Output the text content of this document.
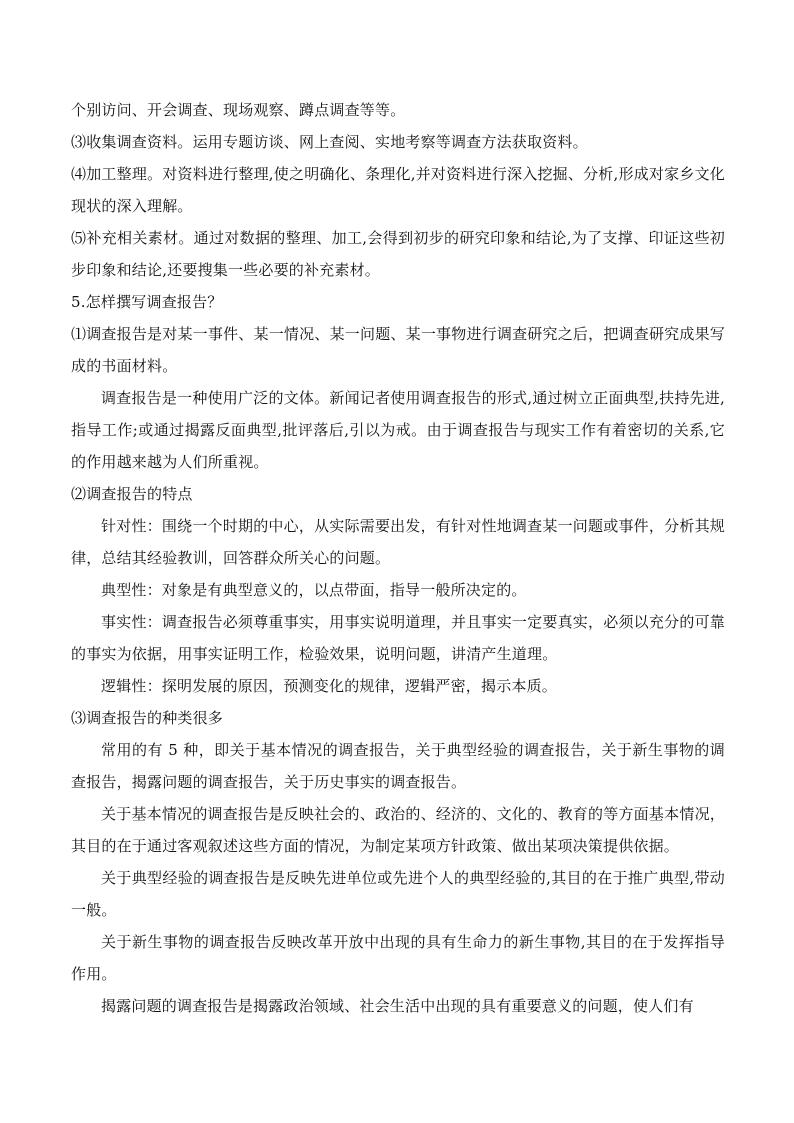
个别访问、开会调查、现场观察、蹲点调查等等。

⑶收集调查资料。运用专题访谈、网上查阅、实地考察等调查方法获取资料。

⑷加工整理。对资料进行整理,使之明确化、条理化,并对资料进行深入挖掘、分析,形成对家乡文化现状的深入理解。

⑸补充相关素材。通过对数据的整理、加工,会得到初步的研究印象和结论,为了支撑、印证这些初步印象和结论,还要搜集一些必要的补充素材。

5.怎样撰写调查报告？

⑴调查报告是对某一事件、某一情况、某一问题、某一事物进行调查研究之后，把调查研究成果写成的书面材料。

调查报告是一种使用广泛的文体。新闻记者使用调查报告的形式,通过树立正面典型,扶持先进,指导工作;或通过揭露反面典型,批评落后,引以为戒。由于调查报告与现实工作有着密切的关系,它的作用越来越为人们所重视。

⑵调查报告的特点

针对性：围绕一个时期的中心，从实际需要出发，有针对性地调查某一问题或事件，分析其规律，总结其经验教训，回答群众所关心的问题。

典型性：对象是有典型意义的，以点带面，指导一般所决定的。

事实性：调查报告必须尊重事实，用事实说明道理，并且事实一定要真实，必须以充分的可靠的事实为依据，用事实证明工作，检验效果，说明问题，讲清产生道理。

逻辑性：探明发展的原因，预测变化的规律，逻辑严密，揭示本质。

⑶调查报告的种类很多

常用的有 5 种，即关于基本情况的调查报告，关于典型经验的调查报告，关于新生事物的调查报告，揭露问题的调查报告，关于历史事实的调查报告。

关于基本情况的调查报告是反映社会的、政治的、经济的、文化的、教育的等方面基本情况，其目的在于通过客观叙述这些方面的情况，为制定某项方针政策、做出某项决策提供依据。

关于典型经验的调查报告是反映先进单位或先进个人的典型经验的,其目的在于推广典型,带动一般。

关于新生事物的调查报告反映改革开放中出现的具有生命力的新生事物,其目的在于发挥指导作用。

揭露问题的调查报告是揭露政治领域、社会生活中出现的具有重要意义的问题，使人们有
